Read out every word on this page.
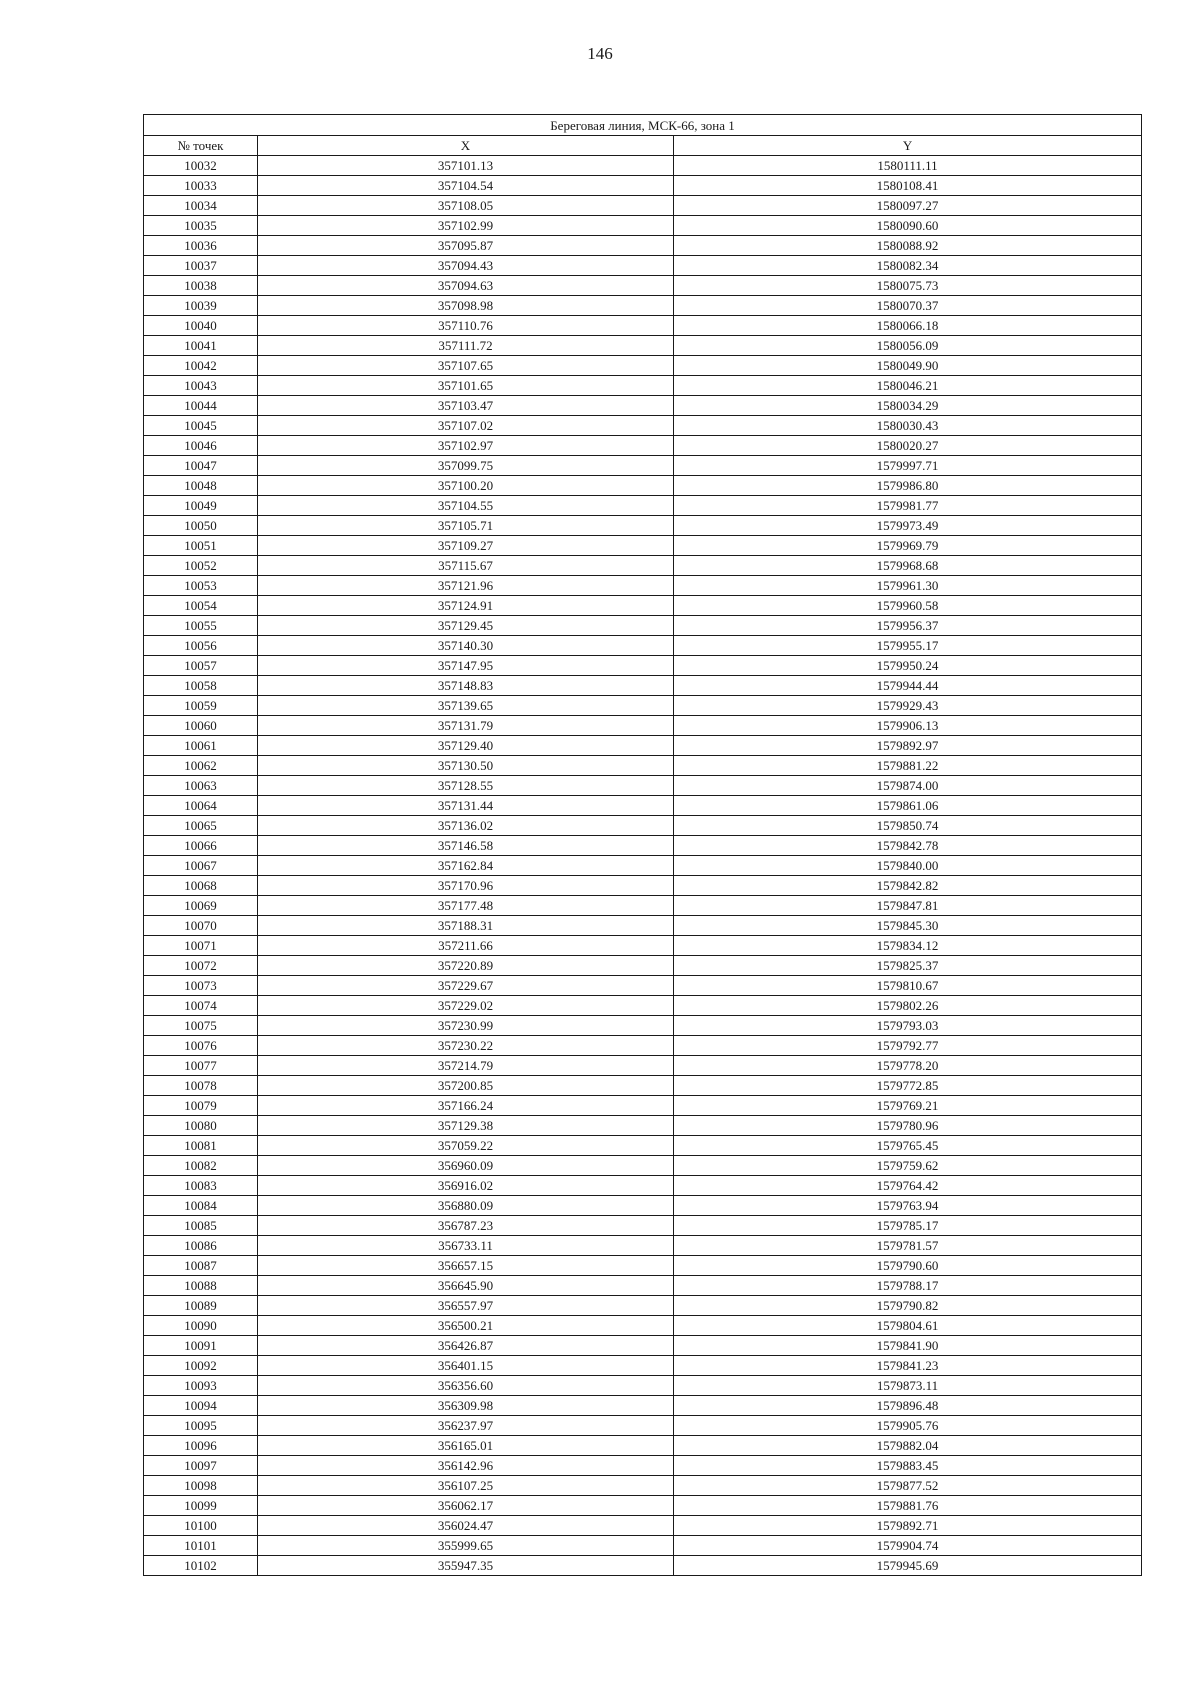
146
Береговая линия, МСК-66, зона 1		
№ точек	X	Y
10032	357101.13	1580111.11
10033	357104.54	1580108.41
10034	357108.05	1580097.27
10035	357102.99	1580090.60
10036	357095.87	1580088.92
10037	357094.43	1580082.34
10038	357094.63	1580075.73
10039	357098.98	1580070.37
10040	357110.76	1580066.18
10041	357111.72	1580056.09
10042	357107.65	1580049.90
10043	357101.65	1580046.21
10044	357103.47	1580034.29
10045	357107.02	1580030.43
10046	357102.97	1580020.27
10047	357099.75	1579997.71
10048	357100.20	1579986.80
10049	357104.55	1579981.77
10050	357105.71	1579973.49
10051	357109.27	1579969.79
10052	357115.67	1579968.68
10053	357121.96	1579961.30
10054	357124.91	1579960.58
10055	357129.45	1579956.37
10056	357140.30	1579955.17
10057	357147.95	1579950.24
10058	357148.83	1579944.44
10059	357139.65	1579929.43
10060	357131.79	1579906.13
10061	357129.40	1579892.97
10062	357130.50	1579881.22
10063	357128.55	1579874.00
10064	357131.44	1579861.06
10065	357136.02	1579850.74
10066	357146.58	1579842.78
10067	357162.84	1579840.00
10068	357170.96	1579842.82
10069	357177.48	1579847.81
10070	357188.31	1579845.30
10071	357211.66	1579834.12
10072	357220.89	1579825.37
10073	357229.67	1579810.67
10074	357229.02	1579802.26
10075	357230.99	1579793.03
10076	357230.22	1579792.77
10077	357214.79	1579778.20
10078	357200.85	1579772.85
10079	357166.24	1579769.21
10080	357129.38	1579780.96
10081	357059.22	1579765.45
10082	356960.09	1579759.62
10083	356916.02	1579764.42
10084	356880.09	1579763.94
10085	356787.23	1579785.17
10086	356733.11	1579781.57
10087	356657.15	1579790.60
10088	356645.90	1579788.17
10089	356557.97	1579790.82
10090	356500.21	1579804.61
10091	356426.87	1579841.90
10092	356401.15	1579841.23
10093	356356.60	1579873.11
10094	356309.98	1579896.48
10095	356237.97	1579905.76
10096	356165.01	1579882.04
10097	356142.96	1579883.45
10098	356107.25	1579877.52
10099	356062.17	1579881.76
10100	356024.47	1579892.71
10101	355999.65	1579904.74
10102	355947.35	1579945.69
